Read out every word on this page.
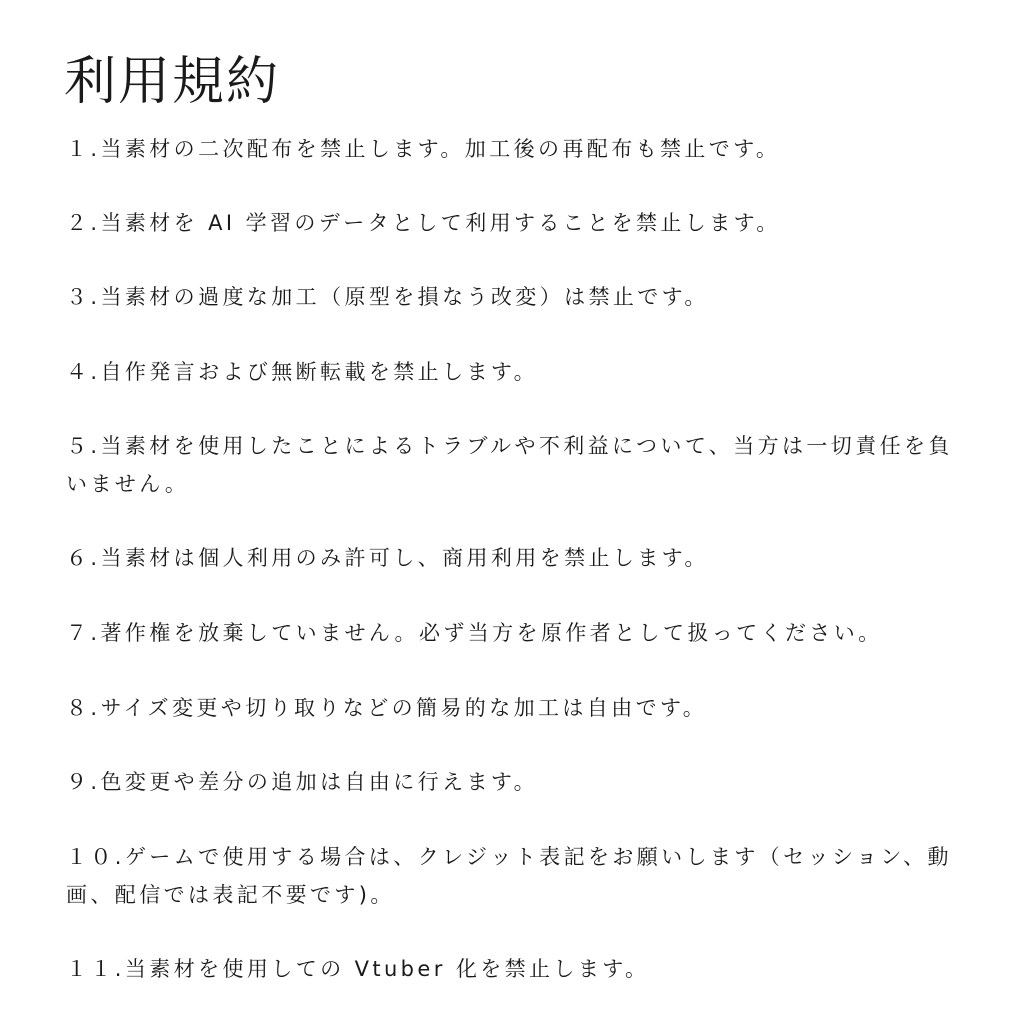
利用規約

１.当素材の二次配布を禁止します。加工後の再配布も禁止です。

２.当素材を AI 学習のデータとして利用することを禁止します。

３.当素材の過度な加工（原型を損なう改変）は禁止です。

４.自作発言および無断転載を禁止します。

５.当素材を使用したことによるトラブルや不利益について、当方は一切責任を負いません。

６.当素材は個人利用のみ許可し、商用利用を禁止します。

７.著作権を放棄していません。必ず当方を原作者として扱ってください。

８.サイズ変更や切り取りなどの簡易的な加工は自由です。

９.色変更や差分の追加は自由に行えます。

１０.ゲームで使用する場合は、クレジット表記をお願いします（セッション、動画、配信では表記不要です)。

１１.当素材を使用しての Vtuber 化を禁止します。
